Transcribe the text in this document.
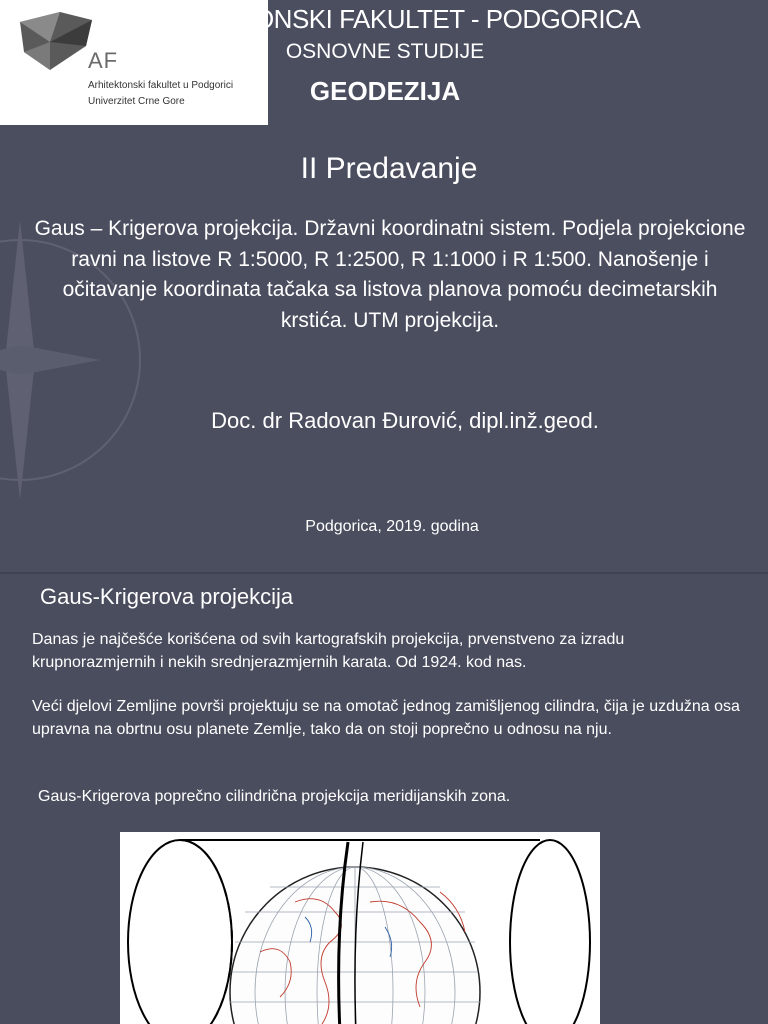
AF
Arhitektonski fakultet u Podgorici
Univerzitet Crne Gore
ARHITEKTONSKI FAKULTET - PODGORICA
OSNOVNE STUDIJE
GEODEZIJA
II Predavanje
Gaus – Krigerova projekcija. Državni koordinatni sistem. Podjela projekcione ravni na listove R 1:5000, R 1:2500, R 1:1000 i R 1:500. Nanošenje i očitavanje koordinata tačaka sa listova planova pomoću decimetarskih krstića. UTM projekcija.
Doc. dr Radovan Đurović, dipl.inž.geod.
Podgorica, 2019. godina
Gaus-Krigerova projekcija
Danas je najčešće korišćena od svih kartografskih projekcija, prvenstveno za izradu krupnorazmjernih i nekih srednjerazmjernih karata. Od 1924. kod nas.
Veći djelovi Zemljine površi projektuju se na omotač jednog zamišljenog cilindra, čija je uzdužna osa upravna na obrtnu osu planete Zemlje, tako da on stoji poprečno u odnosu na nju.
Gaus-Krigerova poprečno cilindrična projekcija meridijanskih zona.
